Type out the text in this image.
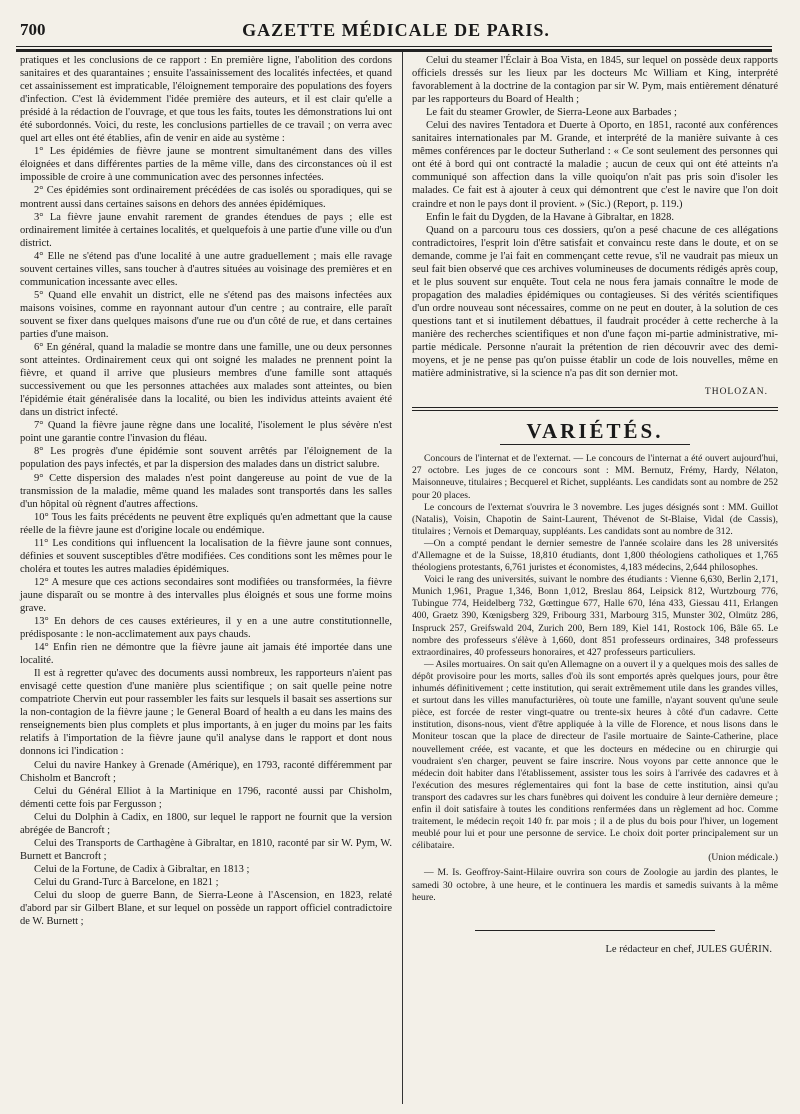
700	GAZETTE MÉDICALE DE PARIS.

pratiques et les conclusions de ce rapport : En première ligne, l'abolition des cordons sanitaires et des quarantaines ; ensuite l'assainissement des localités infectées, et quand cet assainissement est impraticable, l'éloignement temporaire des populations des foyers d'infection. C'est là évidemment l'idée première des auteurs, et il est clair qu'elle a présidé à la rédaction de l'ouvrage, et que tous les faits, toutes les démonstrations lui ont été subordonnés. Voici, du reste, les conclusions partielles de ce travail ; on verra avec quel art elles ont été établies, afin de venir en aide au système :

1° Les épidémies de fièvre jaune se montrent simultanément dans des villes éloignées et dans différentes parties de la même ville, dans des circonstances où il est impossible de croire à une communication avec des personnes infectées.

2° Ces épidémies sont ordinairement précédées de cas isolés ou sporadiques, qui se montrent aussi dans certaines saisons en dehors des années épidémiques.

3° La fièvre jaune envahit rarement de grandes étendues de pays ; elle est ordinairement limitée à certaines localités, et quelquefois à une partie d'une ville ou d'un district.

4° Elle ne s'étend pas d'une localité à une autre graduellement ; mais elle ravage souvent certaines villes, sans toucher à d'autres situées au voisinage des premières et en communication incessante avec elles.

5° Quand elle envahit un district, elle ne s'étend pas des maisons infectées aux maisons voisines, comme en rayonnant autour d'un centre ; au contraire, elle paraît souvent se fixer dans quelques maisons d'une rue ou d'un côté de rue, et dans certaines parties d'une maison.

6° En général, quand la maladie se montre dans une famille, une ou deux personnes sont atteintes. Ordinairement ceux qui ont soigné les malades ne prennent point la fièvre, et quand il arrive que plusieurs membres d'une famille sont attaqués successivement ou que les personnes attachées aux malades sont atteintes, ou bien l'épidémie était généralisée dans la localité, ou bien les individus atteints avaient été dans un district infecté.

7° Quand la fièvre jaune règne dans une localité, l'isolement le plus sévère n'est point une garantie contre l'invasion du fléau.

8° Les progrès d'une épidémie sont souvent arrêtés par l'éloignement de la population des pays infectés, et par la dispersion des malades dans un district salubre.

9° Cette dispersion des malades n'est point dangereuse au point de vue de la transmission de la maladie, même quand les malades sont transportés dans les salles d'un hôpital où règnent d'autres affections.

10° Tous les faits précédents ne peuvent être expliqués qu'en admettant que la cause réelle de la fièvre jaune est d'origine locale ou endémique.

11° Les conditions qui influencent la localisation de la fièvre jaune sont connues, définies et souvent susceptibles d'être modifiées. Ces conditions sont les mêmes pour le choléra et toutes les autres maladies épidémiques.

12° A mesure que ces actions secondaires sont modifiées ou transformées, la fièvre jaune disparaît ou se montre à des intervalles plus éloignés et sous une forme moins grave.

13° En dehors de ces causes extérieures, il y en a une autre constitutionnelle, prédisposante : le non-acclimatement aux pays chauds.

14° Enfin rien ne démontre que la fièvre jaune ait jamais été importée dans une localité.

Il est à regretter qu'avec des documents aussi nombreux, les rapporteurs n'aient pas envisagé cette question d'une manière plus scientifique ; on sait quelle peine notre compatriote Chervin eut pour rassembler les faits sur lesquels il basait ses assertions sur la non-contagion de la fièvre jaune ; le General Board of health a eu dans les mains des renseignements bien plus complets et plus importants, à en juger du moins par les faits relatifs à l'importation de la fièvre jaune qu'il analyse dans le rapport et dont nous donnons ici l'indication :

Celui du navire Hankey à Grenade (Amérique), en 1793, raconté différemment par Chisholm et Bancroft ;

Celui du Général Elliot à la Martinique en 1796, raconté aussi par Chisholm, démenti cette fois par Fergusson ;

Celui du Dolphin à Cadix, en 1800, sur lequel le rapport ne fournit que la version abrégée de Bancroft ;

Celui des Transports de Carthagène à Gibraltar, en 1810, raconté par sir W. Pym, W. Burnett et Bancroft ;

Celui de la Fortune, de Cadix à Gibraltar, en 1813 ;

Celui du Grand-Turc à Barcelone, en 1821 ;

Celui du sloop de guerre Bann, de Sierra-Leone à l'Ascension, en 1823, relaté d'abord par sir Gilbert Blane, et sur lequel on possède un rapport officiel contradictoire de W. Burnett ;

Celui du steamer l'Éclair à Boa Vista, en 1845, sur lequel on possède deux rapports officiels dressés sur les lieux par les docteurs Mc William et King, interprété favorablement à la doctrine de la contagion par sir W. Pym, mais entièrement dénaturé par les rapporteurs du Board of Health ;

Le fait du steamer Growler, de Sierra-Leone aux Barbades ;

Celui des navires Tentadora et Duerte à Oporto, en 1851, raconté aux conférences sanitaires internationales par M. Grande, et interprété de la manière suivante à ces mêmes conférences par le docteur Sutherland : « Ce sont seulement des personnes qui ont été à bord qui ont contracté la maladie ; aucun de ceux qui ont été atteints n'a communiqué son affection dans la ville quoiqu'on n'ait pas pris soin d'isoler les malades. Ce fait est à ajouter à ceux qui démontrent que c'est le navire que l'on doit craindre et non le pays dont il provient. » (Sic.) (Report, p. 119.)

Enfin le fait du Dygden, de la Havane à Gibraltar, en 1828.

Quand on a parcouru tous ces dossiers, qu'on a pesé chacune de ces allégations contradictoires, l'esprit loin d'être satisfait et convaincu reste dans le doute, et on se demande, comme je l'ai fait en commençant cette revue, s'il ne vaudrait pas mieux un seul fait bien observé que ces archives volumineuses de documents rédigés après coup, et le plus souvent sur enquête. Tout cela ne nous fera jamais connaître le mode de propagation des maladies épidémiques ou contagieuses. Si des vérités scientifiques d'un ordre nouveau sont nécessaires, comme on ne peut en douter, à la solution de ces questions tant et si inutilement débattues, il faudrait procéder à cette recherche à la manière des recherches scientifiques et non d'une façon mi-partie administrative, mi-partie médicale. Personne n'aurait la prétention de rien découvrir avec des demi-moyens, et je ne pense pas qu'on puisse établir un code de lois nouvelles, même en matière administrative, si la science n'a pas dit son dernier mot.

THOLOZAN.
VARIÉTÉS.

Concours de l'internat et de l'externat. — Le concours de l'internat a été ouvert aujourd'hui, 27 octobre. Les juges de ce concours sont : MM. Bernutz, Frémy, Hardy, Nélaton, Maisonneuve, titulaires ; Becquerel et Richet, suppléants. Les candidats sont au nombre de 252 pour 20 places.

Le concours de l'externat s'ouvrira le 3 novembre. Les juges désignés sont : MM. Guillot (Natalis), Voisin, Chapotin de Saint-Laurent, Thévenot de St-Blaise, Vidal (de Cassis), titulaires ; Vernois et Demarquay, suppléants. Les candidats sont au nombre de 312.

—On a compté pendant le dernier semestre de l'année scolaire dans les 28 universités d'Allemagne et de la Suisse, 18,810 étudiants, dont 1,800 théologiens catholiques et 1,765 théologiens protestants, 6,761 juristes et économistes, 4,183 médecins, 2,644 philosophes.

Voici le rang des universités, suivant le nombre des étudiants : Vienne 6,630, Berlin 2,171, Munich 1,961, Prague 1,346, Bonn 1,012, Breslau 864, Leipsick 812, Wurtzbourg 776, Tubingue 774, Heidelberg 732, Gœttingue 677, Halle 670, Iéna 433, Giessau 411, Erlangen 400, Graetz 390, Kœnigsberg 329, Fribourg 331, Marbourg 315, Munster 302, Olmütz 286, Inspruck 257, Greifswald 204, Zurich 200, Bern 189, Kiel 141, Rostock 106, Bâle 65. Le nombre des professeurs s'élève à 1,660, dont 851 professeurs ordinaires, 348 professeurs extraordinaires, 40 professeurs honoraires, et 427 professeurs particuliers.

— Asiles mortuaires. On sait qu'en Allemagne on a ouvert il y a quelques mois des salles de dépôt provisoire pour les morts, salles d'où ils sont emportés après quelques jours, pour être inhumés définitivement ; cette institution, qui serait extrêmement utile dans les grandes villes, et surtout dans les villes manufacturières, où toute une famille, n'ayant souvent qu'une seule pièce, est forcée de rester vingt-quatre ou trente-six heures à côté d'un cadavre. Cette institution, disons-nous, vient d'être appliquée à la ville de Florence, et nous lisons dans le Moniteur toscan que la place de directeur de l'asile mortuaire de Sainte-Catherine, place nouvellement créée, est vacante, et que les docteurs en médecine ou en chirurgie qui voudraient s'en charger, peuvent se faire inscrire. Nous voyons par cette annonce que le médecin doit habiter dans l'établissement, assister tous les soirs à l'arrivée des cadavres et à l'exécution des mesures réglementaires qui font la base de cette institution, ainsi qu'au transport des cadavres sur les chars funèbres qui doivent les conduire à leur dernière demeure ; enfin il doit satisfaire à toutes les conditions renfermées dans un règlement ad hoc. Comme traitement, le médecin reçoit 140 fr. par mois ; il a de plus du bois pour l'hiver, un logement meublé pour lui et pour une personne de service. Le choix doit porter principalement sur un célibataire.

(Union médicale.)

— M. Is. Geoffroy-Saint-Hilaire ouvrira son cours de Zoologie au jardin des plantes, le samedi 30 octobre, à une heure, et le continuera les mardis et samedis suivants à la même heure.

Le rédacteur en chef, JULES GUÉRIN.
